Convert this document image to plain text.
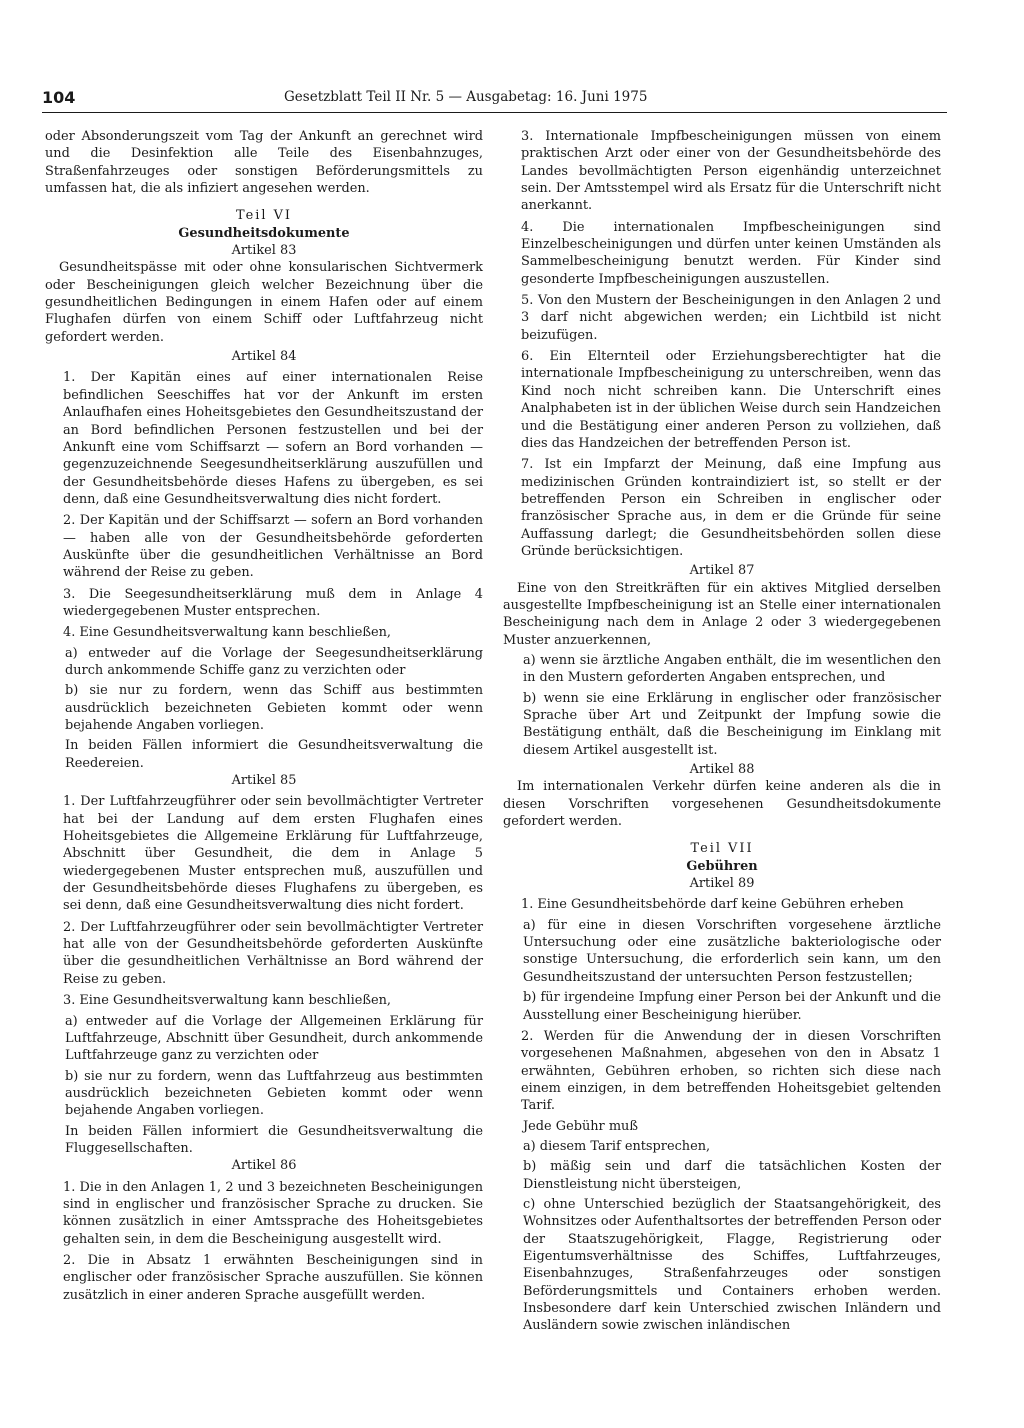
104	Gesetzblatt Teil II Nr. 5 — Ausgabetag: 16. Juni 1975

oder Absonderungszeit vom Tag der Ankunft an gerechnet wird und die Desinfektion alle Teile des Eisenbahnzuges, Straßenfahrzeuges oder sonstigen Beförderungsmittels zu umfassen hat, die als infiziert angesehen werden.

Teil VI

Gesundheitsdokumente

Artikel 83

Gesundheitspässe mit oder ohne konsularischen Sichtvermerk oder Bescheinigungen gleich welcher Bezeichnung über die gesundheitlichen Bedingungen in einem Hafen oder auf einem Flughafen dürfen von einem Schiff oder Luftfahrzeug nicht gefordert werden.

Artikel 84

1. Der Kapitän eines auf einer internationalen Reise befindlichen Seeschiffes hat vor der Ankunft im ersten Anlaufhafen eines Hoheitsgebietes den Gesundheitszustand der an Bord befindlichen Personen festzustellen und bei der Ankunft eine vom Schiffsarzt — sofern an Bord vorhanden — gegenzuzeichnende Seegesundheitserklärung auszufüllen und der Gesundheitsbehörde dieses Hafens zu übergeben, es sei denn, daß eine Gesundheitsverwaltung dies nicht fordert.

2. Der Kapitän und der Schiffsarzt — sofern an Bord vorhanden — haben alle von der Gesundheitsbehörde geforderten Auskünfte über die gesundheitlichen Verhältnisse an Bord während der Reise zu geben.

3. Die Seegesundheitserklärung muß dem in Anlage 4 wiedergegebenen Muster entsprechen.

4. Eine Gesundheitsverwaltung kann beschließen,

a) entweder auf die Vorlage der Seegesundheitserklärung durch ankommende Schiffe ganz zu verzichten oder

b) sie nur zu fordern, wenn das Schiff aus bestimmten ausdrücklich bezeichneten Gebieten kommt oder wenn bejahende Angaben vorliegen.

In beiden Fällen informiert die Gesundheitsverwaltung die Reedereien.

Artikel 85

1. Der Luftfahrzeugführer oder sein bevollmächtigter Vertreter hat bei der Landung auf dem ersten Flughafen eines Hoheitsgebietes die Allgemeine Erklärung für Luftfahrzeuge, Abschnitt über Gesundheit, die dem in Anlage 5 wiedergegebenen Muster entsprechen muß, auszufüllen und der Gesundheitsbehörde dieses Flughafens zu übergeben, es sei denn, daß eine Gesundheitsverwaltung dies nicht fordert.

2. Der Luftfahrzeugführer oder sein bevollmächtigter Vertreter hat alle von der Gesundheitsbehörde geforderten Auskünfte über die gesundheitlichen Verhältnisse an Bord während der Reise zu geben.

3. Eine Gesundheitsverwaltung kann beschließen,

a) entweder auf die Vorlage der Allgemeinen Erklärung für Luftfahrzeuge, Abschnitt über Gesundheit, durch ankommende Luftfahrzeuge ganz zu verzichten oder

b) sie nur zu fordern, wenn das Luftfahrzeug aus bestimmten ausdrücklich bezeichneten Gebieten kommt oder wenn bejahende Angaben vorliegen.

In beiden Fällen informiert die Gesundheitsverwaltung die Fluggesellschaften.

Artikel 86

1. Die in den Anlagen 1, 2 und 3 bezeichneten Bescheinigungen sind in englischer und französischer Sprache zu drucken. Sie können zusätzlich in einer Amtssprache des Hoheitsgebietes gehalten sein, in dem die Bescheinigung ausgestellt wird.

2. Die in Absatz 1 erwähnten Bescheinigungen sind in englischer oder französischer Sprache auszufüllen. Sie können zusätzlich in einer anderen Sprache ausgefüllt werden.

3. Internationale Impfbescheinigungen müssen von einem praktischen Arzt oder einer von der Gesundheitsbehörde des Landes bevollmächtigten Person eigenhändig unterzeichnet sein. Der Amtsstempel wird als Ersatz für die Unterschrift nicht anerkannt.

4. Die internationalen Impfbescheinigungen sind Einzelbescheinigungen und dürfen unter keinen Umständen als Sammelbescheinigung benutzt werden. Für Kinder sind gesonderte Impfbescheinigungen auszustellen.

5. Von den Mustern der Bescheinigungen in den Anlagen 2 und 3 darf nicht abgewichen werden; ein Lichtbild ist nicht beizufügen.

6. Ein Elternteil oder Erziehungsberechtigter hat die internationale Impfbescheinigung zu unterschreiben, wenn das Kind noch nicht schreiben kann. Die Unterschrift eines Analphabeten ist in der üblichen Weise durch sein Handzeichen und die Bestätigung einer anderen Person zu vollziehen, daß dies das Handzeichen der betreffenden Person ist.

7. Ist ein Impfarzt der Meinung, daß eine Impfung aus medizinischen Gründen kontraindiziert ist, so stellt er der betreffenden Person ein Schreiben in englischer oder französischer Sprache aus, in dem er die Gründe für seine Auffassung darlegt; die Gesundheitsbehörden sollen diese Gründe berücksichtigen.

Artikel 87

Eine von den Streitkräften für ein aktives Mitglied derselben ausgestellte Impfbescheinigung ist an Stelle einer internationalen Bescheinigung nach dem in Anlage 2 oder 3 wiedergegebenen Muster anzuerkennen,

a) wenn sie ärztliche Angaben enthält, die im wesentlichen den in den Mustern geforderten Angaben entsprechen, und

b) wenn sie eine Erklärung in englischer oder französischer Sprache über Art und Zeitpunkt der Impfung sowie die Bestätigung enthält, daß die Bescheinigung im Einklang mit diesem Artikel ausgestellt ist.

Artikel 88

Im internationalen Verkehr dürfen keine anderen als die in diesen Vorschriften vorgesehenen Gesundheitsdokumente gefordert werden.

Teil VII

Gebühren

Artikel 89

1. Eine Gesundheitsbehörde darf keine Gebühren erheben

a) für eine in diesen Vorschriften vorgesehene ärztliche Untersuchung oder eine zusätzliche bakteriologische oder sonstige Untersuchung, die erforderlich sein kann, um den Gesundheitszustand der untersuchten Person festzustellen;

b) für irgendeine Impfung einer Person bei der Ankunft und die Ausstellung einer Bescheinigung hierüber.

2. Werden für die Anwendung der in diesen Vorschriften vorgesehenen Maßnahmen, abgesehen von den in Absatz 1 erwähnten, Gebühren erhoben, so richten sich diese nach einem einzigen, in dem betreffenden Hoheitsgebiet geltenden Tarif.

Jede Gebühr muß

a) diesem Tarif entsprechen,

b) mäßig sein und darf die tatsächlichen Kosten der Dienstleistung nicht übersteigen,

c) ohne Unterschied bezüglich der Staatsangehörigkeit, des Wohnsitzes oder Aufenthaltsortes der betreffenden Person oder der Staatszugehörigkeit, Flagge, Registrierung oder Eigentumsverhältnisse des Schiffes, Luftfahrzeuges, Eisenbahnzuges, Straßenfahrzeuges oder sonstigen Beförderungsmittels und Containers erhoben werden. Insbesondere darf kein Unterschied zwischen Inländern und Ausländern sowie zwischen inländischen
